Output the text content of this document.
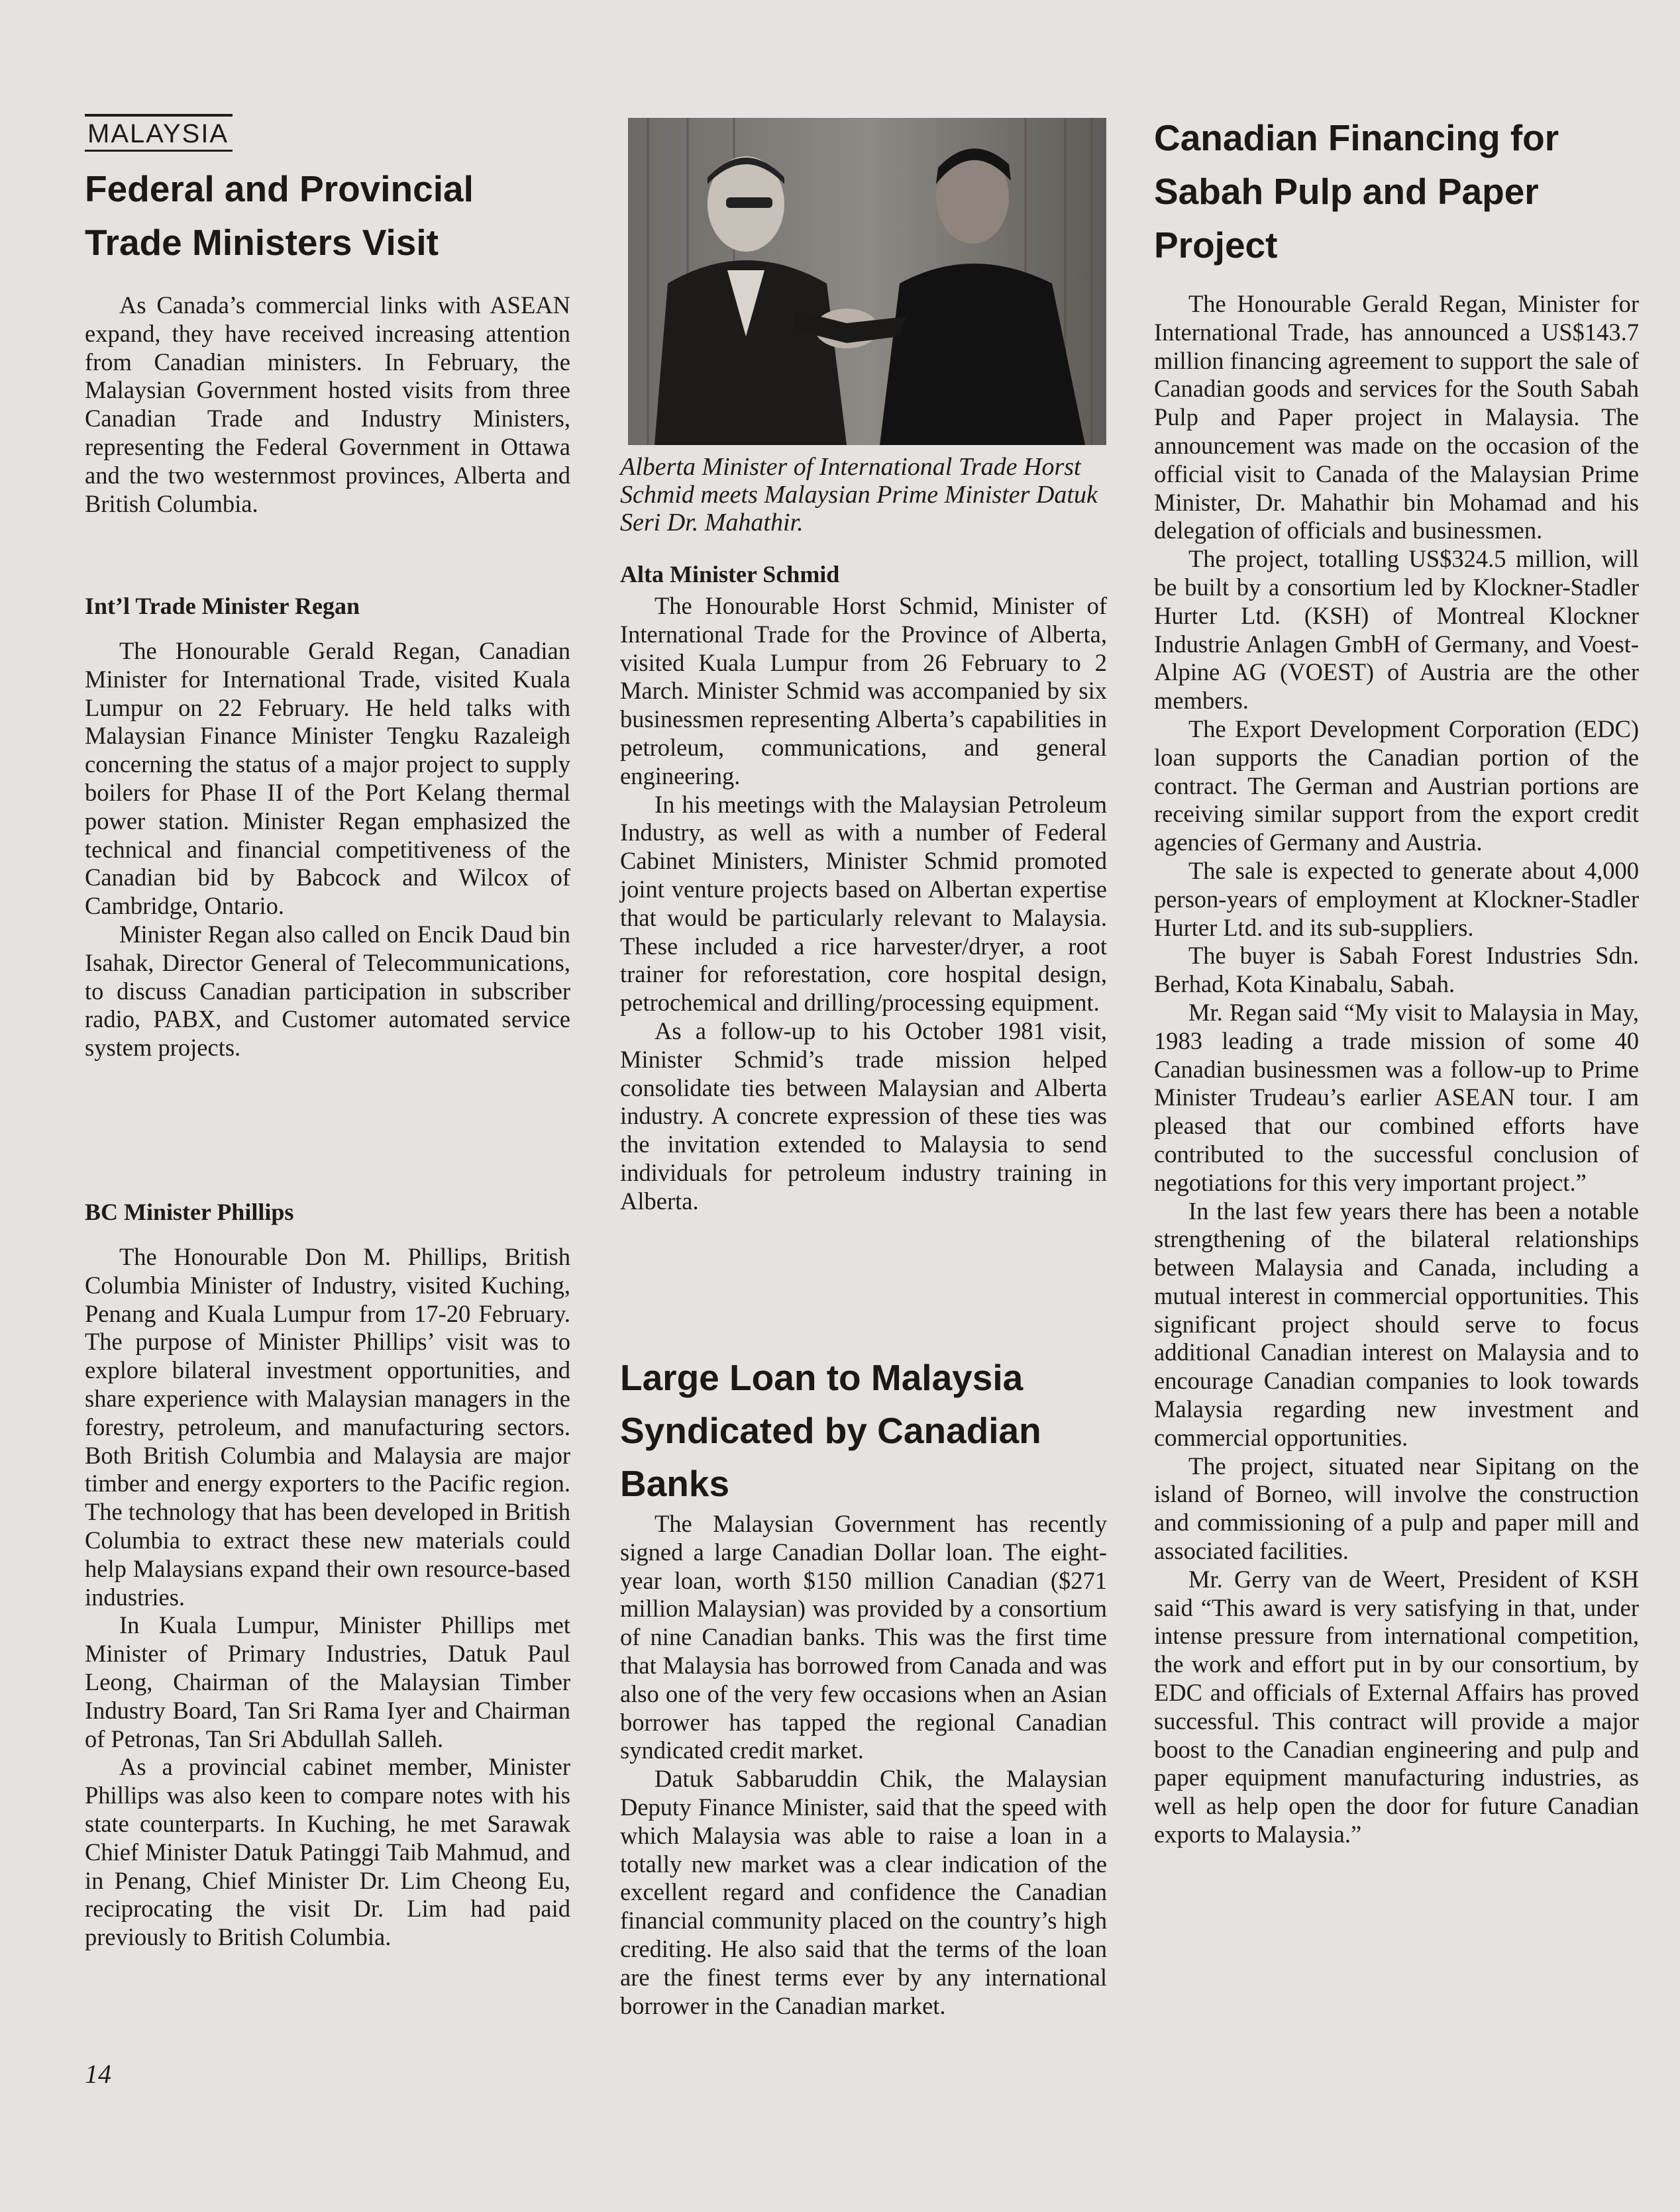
MALAYSIA
Federal and Provincial Trade Ministers Visit

As Canada’s commercial links with ASEAN expand, they have received increasing attention from Canadian ministers. In February, the Malaysian Government hosted visits from three Canadian Trade and Industry Ministers, representing the Federal Government in Ottawa and the two westernmost provinces, Alberta and British Columbia.

Int’l Trade Minister Regan

The Honourable Gerald Regan, Canadian Minister for International Trade, visited Kuala Lumpur on 22 February. He held talks with Malaysian Finance Minister Tengku Razaleigh concerning the status of a major project to supply boilers for Phase II of the Port Kelang thermal power station. Minister Regan emphasized the technical and financial competitiveness of the Canadian bid by Babcock and Wilcox of Cambridge, Ontario.

Minister Regan also called on Encik Daud bin Isahak, Director General of Telecommunications, to discuss Canadian participation in subscriber radio, PABX, and Customer automated service system projects.

BC Minister Phillips

The Honourable Don M. Phillips, British Columbia Minister of Industry, visited Kuching, Penang and Kuala Lumpur from 17-20 February. The purpose of Minister Phillips’ visit was to explore bilateral investment opportunities, and share experience with Malaysian managers in the forestry, petroleum, and manufacturing sectors. Both British Columbia and Malaysia are major timber and energy exporters to the Pacific region. The technology that has been developed in British Columbia to extract these new materials could help Malaysians expand their own resource-based industries.

In Kuala Lumpur, Minister Phillips met Minister of Primary Industries, Datuk Paul Leong, Chairman of the Malaysian Timber Industry Board, Tan Sri Rama Iyer and Chairman of Petronas, Tan Sri Abdullah Salleh.

As a provincial cabinet member, Minister Phillips was also keen to compare notes with his state counterparts. In Kuching, he met Sarawak Chief Minister Datuk Patinggi Taib Mahmud, and in Penang, Chief Minister Dr. Lim Cheong Eu, reciprocating the visit Dr. Lim had paid previously to British Columbia.

Alberta Minister of International Trade Horst Schmid meets Malaysian Prime Minister Datuk Seri Dr. Mahathir.
Alta Minister Schmid

The Honourable Horst Schmid, Minister of International Trade for the Province of Alberta, visited Kuala Lumpur from 26 February to 2 March. Minister Schmid was accompanied by six businessmen representing Alberta’s capabilities in petroleum, communications, and general engineering.

In his meetings with the Malaysian Petroleum Industry, as well as with a number of Federal Cabinet Ministers, Minister Schmid promoted joint venture projects based on Albertan expertise that would be particularly relevant to Malaysia. These included a rice harvester/dryer, a root trainer for reforestation, core hospital design, petrochemical and drilling/processing equipment.

As a follow-up to his October 1981 visit, Minister Schmid’s trade mission helped consolidate ties between Malaysian and Alberta industry. A concrete expression of these ties was the invitation extended to Malaysia to send individuals for petroleum industry training in Alberta.

Large Loan to Malaysia Syndicated by Canadian Banks

The Malaysian Government has recently signed a large Canadian Dollar loan. The eight-year loan, worth $150 million Canadian ($271 million Malaysian) was provided by a consortium of nine Canadian banks. This was the first time that Malaysia has borrowed from Canada and was also one of the very few occasions when an Asian borrower has tapped the regional Canadian syndicated credit market.

Datuk Sabbaruddin Chik, the Malaysian Deputy Finance Minister, said that the speed with which Malaysia was able to raise a loan in a totally new market was a clear indication of the excellent regard and confidence the Canadian financial community placed on the country’s high crediting. He also said that the terms of the loan are the finest terms ever by any international borrower in the Canadian market.

Canadian Financing for Sabah Pulp and Paper Project

The Honourable Gerald Regan, Minister for International Trade, has announced a US$143.7 million financing agreement to support the sale of Canadian goods and services for the South Sabah Pulp and Paper project in Malaysia. The announcement was made on the occasion of the official visit to Canada of the Malaysian Prime Minister, Dr. Mahathir bin Mohamad and his delegation of officials and businessmen.

The project, totalling US$324.5 million, will be built by a consortium led by Klockner-Stadler Hurter Ltd. (KSH) of Montreal Klockner Industrie Anlagen GmbH of Germany, and Voest-Alpine AG (VOEST) of Austria are the other members.

The Export Development Corporation (EDC) loan supports the Canadian portion of the contract. The German and Austrian portions are receiving similar support from the export credit agencies of Germany and Austria.

The sale is expected to generate about 4,000 person-years of employment at Klockner-Stadler Hurter Ltd. and its sub-suppliers.

The buyer is Sabah Forest Industries Sdn. Berhad, Kota Kinabalu, Sabah.

Mr. Regan said “My visit to Malaysia in May, 1983 leading a trade mission of some 40 Canadian businessmen was a follow-up to Prime Minister Trudeau’s earlier ASEAN tour. I am pleased that our combined efforts have contributed to the successful conclusion of negotiations for this very important project.”

In the last few years there has been a notable strengthening of the bilateral relationships between Malaysia and Canada, including a mutual interest in commercial opportunities. This significant project should serve to focus additional Canadian interest on Malaysia and to encourage Canadian companies to look towards Malaysia regarding new investment and commercial opportunities.

The project, situated near Sipitang on the island of Borneo, will involve the construction and commissioning of a pulp and paper mill and associated facilities.

Mr. Gerry van de Weert, President of KSH said “This award is very satisfying in that, under intense pressure from international competition, the work and effort put in by our consortium, by EDC and officials of External Affairs has proved successful. This contract will provide a major boost to the Canadian engineering and pulp and paper equipment manufacturing industries, as well as help open the door for future Canadian exports to Malaysia.”

14
